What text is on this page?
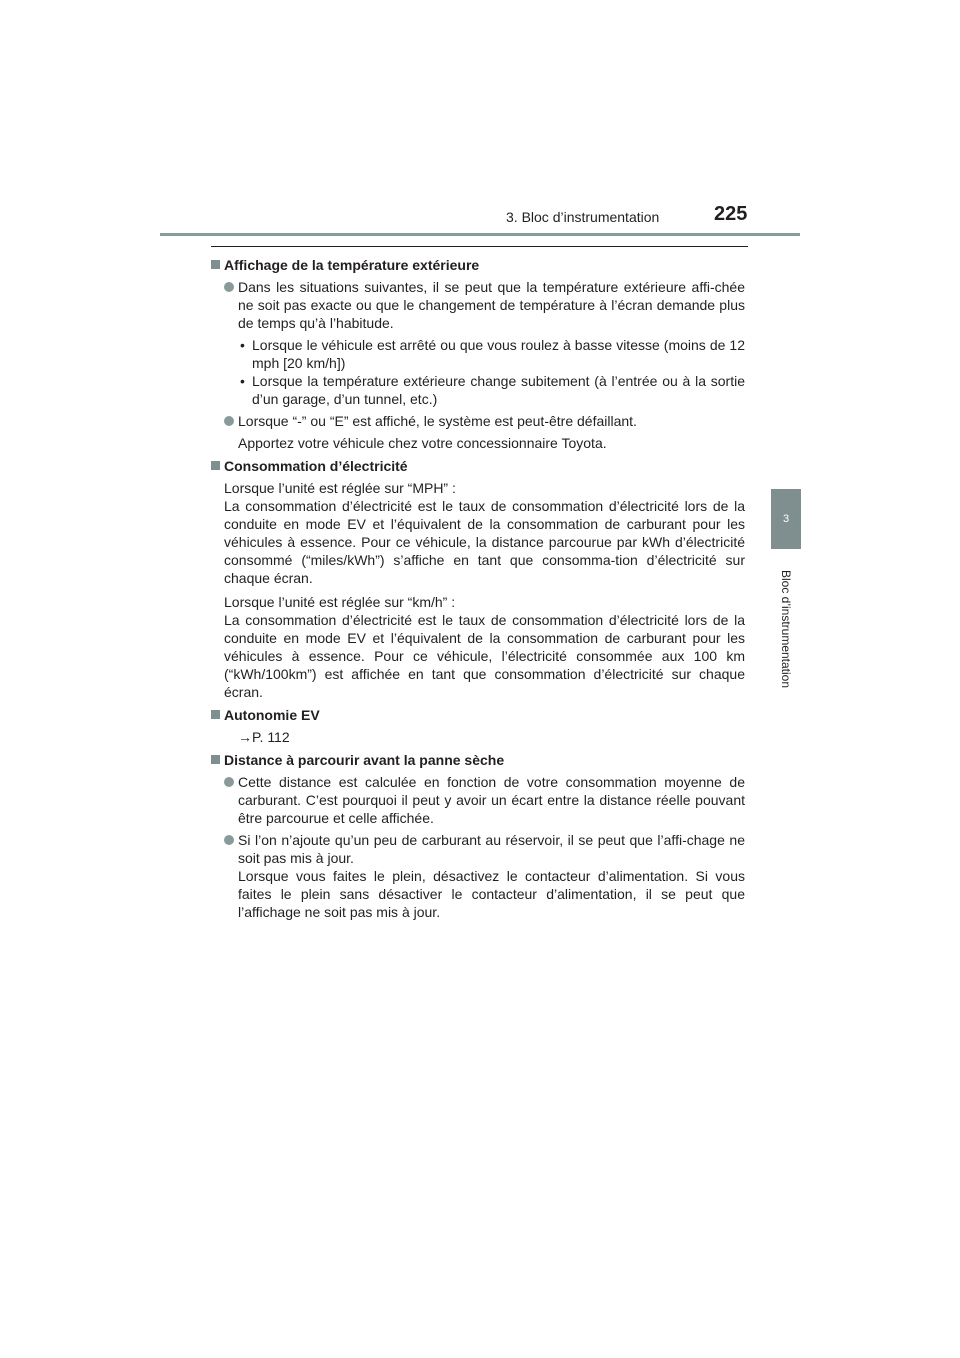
3. Bloc d’instrumentation	225
3
Bloc d’instrumentation
Affichage de la température extérieure
Dans les situations suivantes, il se peut que la température extérieure affi-chée ne soit pas exacte ou que le changement de température à l’écran demande plus de temps qu’à l’habitude.
• Lorsque le véhicule est arrêté ou que vous roulez à basse vitesse (moins de 12 mph [20 km/h])
• Lorsque la température extérieure change subitement (à l’entrée ou à la sortie d’un garage, d’un tunnel, etc.)
Lorsque “-” ou “E” est affiché, le système est peut-être défaillant.
Apportez votre véhicule chez votre concessionnaire Toyota.
Consommation d’électricité
Lorsque l’unité est réglée sur “MPH” :
La consommation d’électricité est le taux de consommation d’électricité lors de la conduite en mode EV et l’équivalent de la consommation de carburant pour les véhicules à essence. Pour ce véhicule, la distance parcourue par kWh d’électricité consommé (“miles/kWh”) s’affiche en tant que consomma-tion d’électricité sur chaque écran.
Lorsque l’unité est réglée sur “km/h” :
La consommation d’électricité est le taux de consommation d’électricité lors de la conduite en mode EV et l’équivalent de la consommation de carburant pour les véhicules à essence. Pour ce véhicule, l’électricité consommée aux 100 km (“kWh/100km”) est affichée en tant que consommation d’électricité sur chaque écran.
Autonomie EV
→P. 112
Distance à parcourir avant la panne sèche
Cette distance est calculée en fonction de votre consommation moyenne de carburant. C’est pourquoi il peut y avoir un écart entre la distance réelle pouvant être parcourue et celle affichée.
Si l’on n’ajoute qu’un peu de carburant au réservoir, il se peut que l’affi-chage ne soit pas mis à jour.
Lorsque vous faites le plein, désactivez le contacteur d’alimentation. Si vous faites le plein sans désactiver le contacteur d’alimentation, il se peut que l’affichage ne soit pas mis à jour.
